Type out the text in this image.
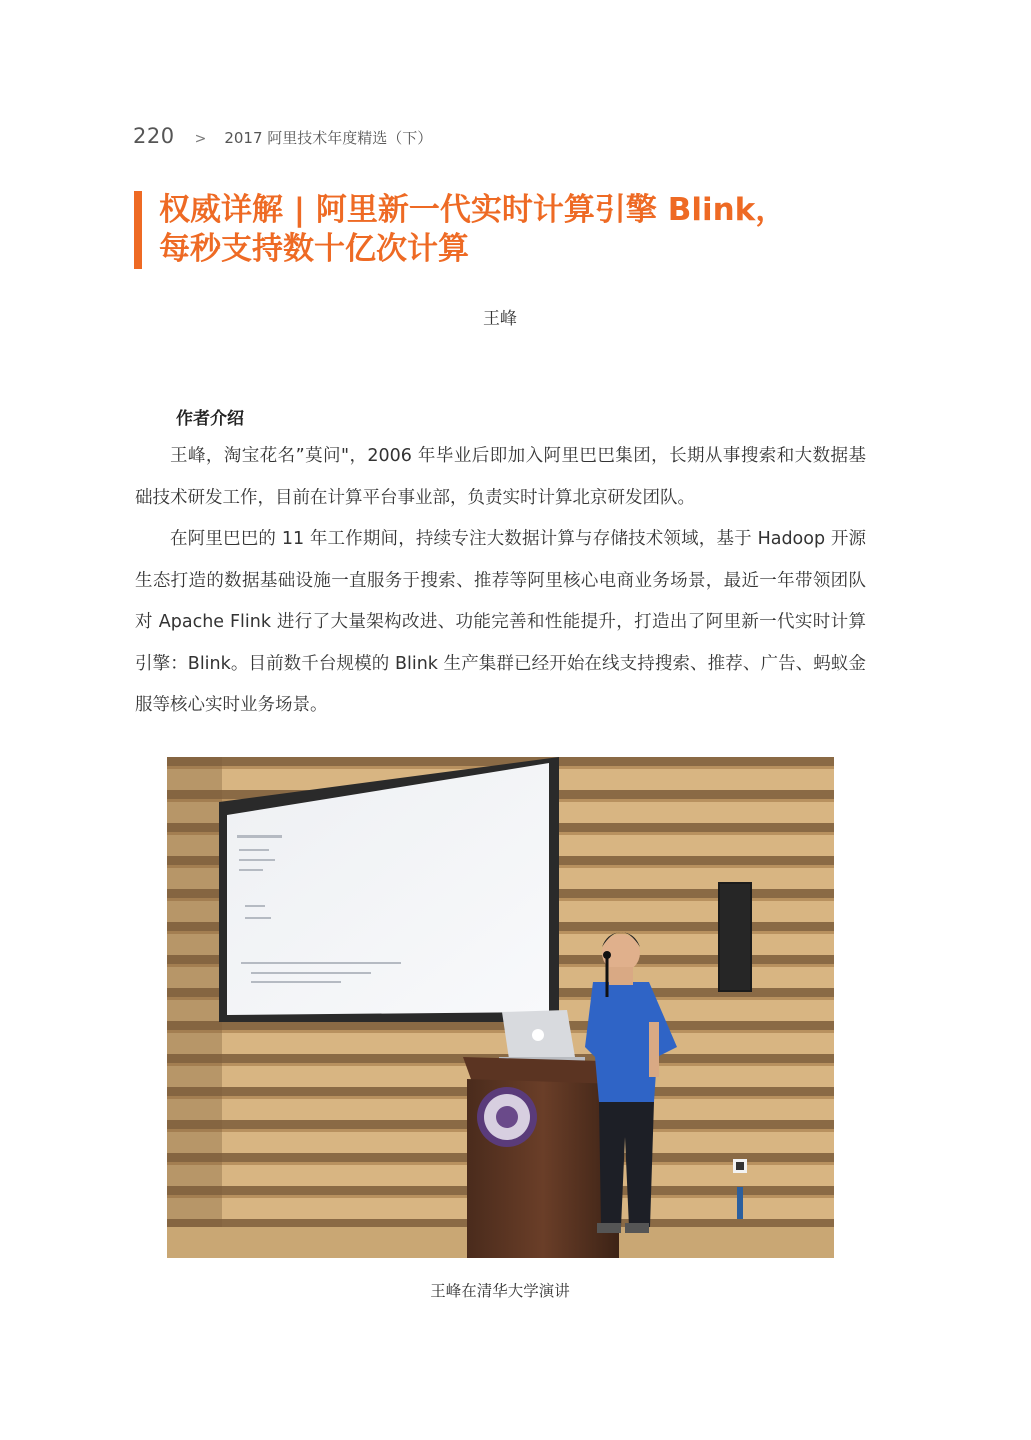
220 > 2017 阿里技术年度精选（下）
权威详解 | 阿里新一代实时计算引擎 Blink，
每秒支持数十亿次计算
王峰
作者介绍

王峰，淘宝花名”莫问"，2006 年毕业后即加入阿里巴巴集团，长期从事搜索和大数据基础技术研发工作，目前在计算平台事业部，负责实时计算北京研发团队。

在阿里巴巴的 11 年工作期间，持续专注大数据计算与存储技术领域，基于 Hadoop 开源生态打造的数据基础设施一直服务于搜索、推荐等阿里核心电商业务场景，最近一年带领团队对 Apache Flink 进行了大量架构改进、功能完善和性能提升，打造出了阿里新一代实时计算引擎：Blink。目前数千台规模的 Blink 生产集群已经开始在线支持搜索、推荐、广告、蚂蚁金服等核心实时业务场景。

王峰在清华大学演讲
